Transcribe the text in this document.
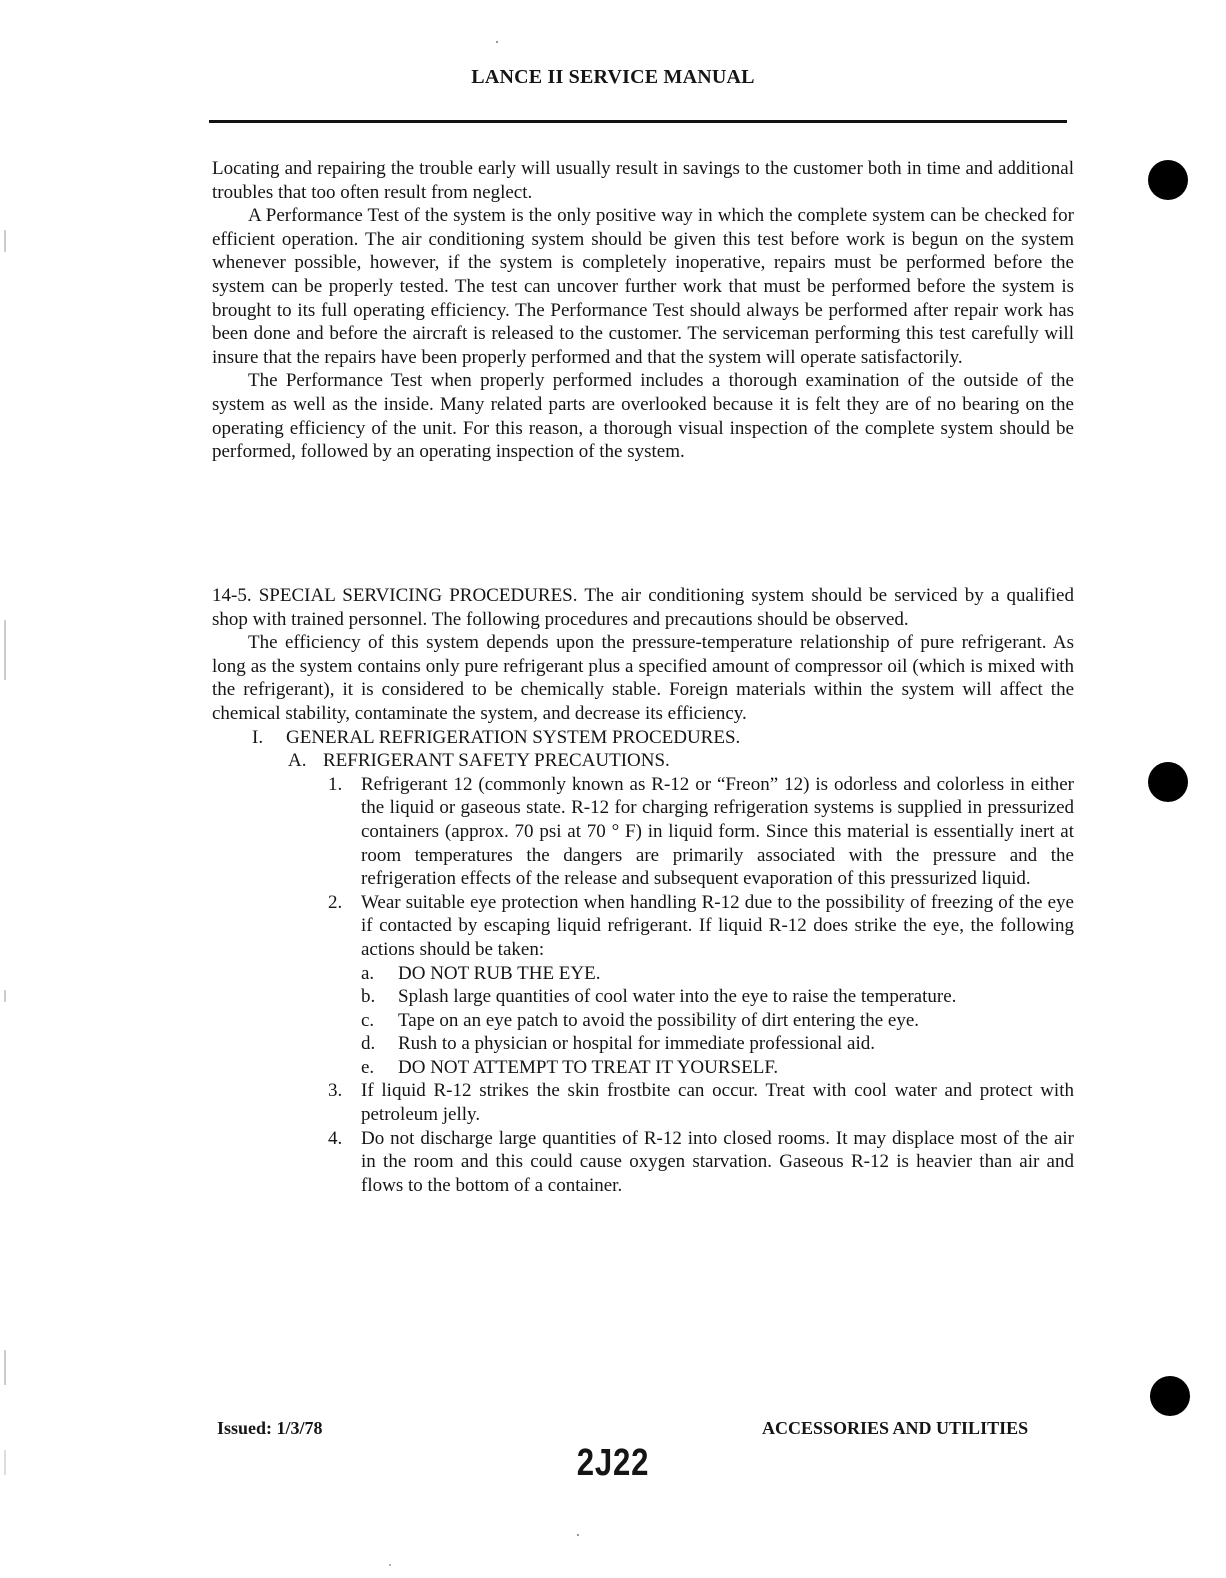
LANCE II SERVICE MANUAL

Locating and repairing the trouble early will usually result in savings to the customer both in time and additional troubles that too often result from neglect.

A Performance Test of the system is the only positive way in which the complete system can be checked for efficient operation. The air conditioning system should be given this test before work is begun on the system whenever possible, however, if the system is completely inoperative, repairs must be performed before the system can be properly tested. The test can uncover further work that must be performed before the system is brought to its full operating efficiency. The Performance Test should always be performed after repair work has been done and before the aircraft is released to the customer. The serviceman performing this test carefully will insure that the repairs have been properly performed and that the system will operate satisfactorily.

The Performance Test when properly performed includes a thorough examination of the outside of the system as well as the inside. Many related parts are overlooked because it is felt they are of no bearing on the operating efficiency of the unit. For this reason, a thorough visual inspection of the complete system should be performed, followed by an operating inspection of the system.

14-5. SPECIAL SERVICING PROCEDURES. The air conditioning system should be serviced by a qualified shop with trained personnel. The following procedures and precautions should be observed.

The efficiency of this system depends upon the pressure-temperature relationship of pure refrigerant. As long as the system contains only pure refrigerant plus a specified amount of compressor oil (which is mixed with the refrigerant), it is considered to be chemically stable. Foreign materials within the system will affect the chemical stability, contaminate the system, and decrease its efficiency.

I. GENERAL REFRIGERATION SYSTEM PROCEDURES.
A. REFRIGERANT SAFETY PRECAUTIONS.
1. Refrigerant 12 (commonly known as R-12 or “Freon” 12) is odorless and colorless in either the liquid or gaseous state. R-12 for charging refrigeration systems is supplied in pressurized containers (approx. 70 psi at 70 ° F) in liquid form. Since this material is essentially inert at room temperatures the dangers are primarily associated with the pressure and the refrigeration effects of the release and subsequent evaporation of this pressurized liquid.
2. Wear suitable eye protection when handling R-12 due to the possibility of freezing of the eye if contacted by escaping liquid refrigerant. If liquid R-12 does strike the eye, the following actions should be taken:
a. DO NOT RUB THE EYE.
b. Splash large quantities of cool water into the eye to raise the temperature.
c. Tape on an eye patch to avoid the possibility of dirt entering the eye.
d. Rush to a physician or hospital for immediate professional aid.
e. DO NOT ATTEMPT TO TREAT IT YOURSELF.
3. If liquid R-12 strikes the skin frostbite can occur. Treat with cool water and protect with petroleum jelly.
4. Do not discharge large quantities of R-12 into closed rooms. It may displace most of the air in the room and this could cause oxygen starvation. Gaseous R-12 is heavier than air and flows to the bottom of a container.
Issued: 1/3/78	ACCESSORIES AND UTILITIES
2J22
